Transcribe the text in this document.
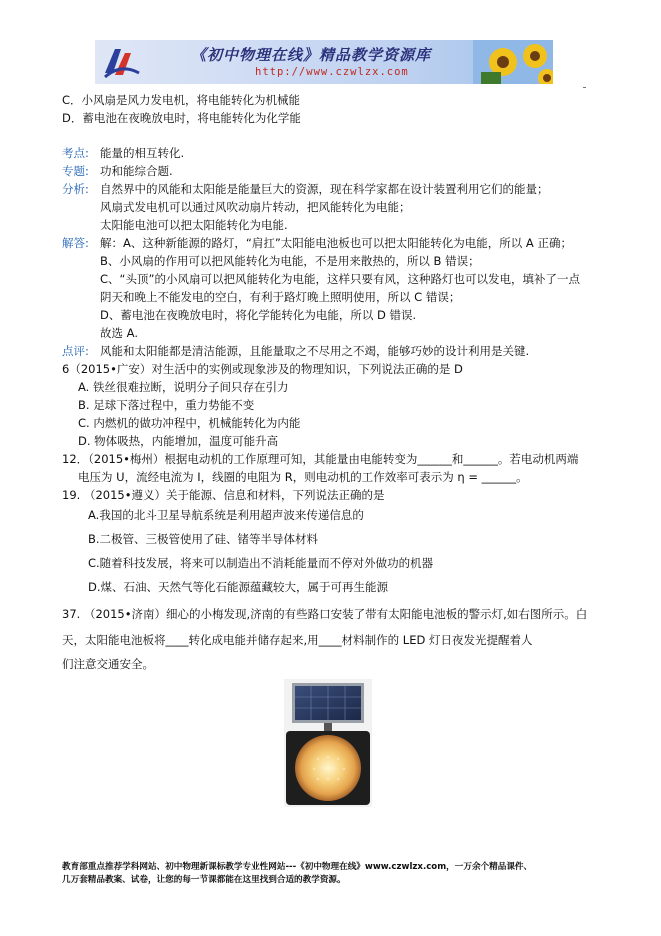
《初中物理在线》精品教学资源库
http://www.czwlzx.com
C．小风扇是风力发电机，将电能转化为机械能
D．蓄电池在夜晚放电时，将电能转化为化学能
考点: 能量的相互转化.
专题: 功和能综合题.
分析: 自然界中的风能和太阳能是能量巨大的资源，现在科学家都在设计装置利用它们的能量；
风扇式发电机可以通过风吹动扇片转动，把风能转化为电能；
太阳能电池可以把太阳能转化为电能.
解答: 解：A、这种新能源的路灯，“肩扛”太阳能电池板也可以把太阳能转化为电能，所以 A 正确；
B、小风扇的作用可以把风能转化为电能，不是用来散热的，所以 B 错误；
C、“头顶”的小风扇可以把风能转化为电能，这样只要有风，这种路灯也可以发电，填补了一点
阴天和晚上不能发电的空白，有利于路灯晚上照明使用，所以 C 错误；
D、蓄电池在夜晚放电时，将化学能转化为电能，所以 D 错误.
故选 A.
点评: 风能和太阳能都是清洁能源，且能量取之不尽用之不竭，能够巧妙的设计利用是关键.
6（2015•广安）对生活中的实例或现象涉及的物理知识，下列说法正确的是 D
A. 铁丝很难拉断，说明分子间只存在引力
B. 足球下落过程中，重力势能不变
C. 内燃机的做功冲程中，机械能转化为内能
D. 物体吸热，内能增加，温度可能升高
12．（2015•梅州）根据电动机的工作原理可知，其能量由电能转变为______和______。若电动机两端
电压为 U，流经电流为 I，线圈的电阻为 R，则电动机的工作效率可表示为 η = ______。
19. （2015•遵义）关于能源、信息和材料，下列说法正确的是
A.我国的北斗卫星导航系统是利用超声波来传递信息的
B.二极管、三极管使用了硅、锗等半导体材料
C.随着科技发展，将来可以制造出不消耗能量而不停对外做功的机器
D.煤、石油、天然气等化石能源蕴藏较大，属于可再生能源
37. （2015•济南）细心的小梅发现,济南的有些路口安装了带有太阳能电池板的警示灯,如右图所示。白
天，太阳能电池板将____转化成电能并储存起来,用____材料制作的 LED 灯日夜发光提醒着人
们注意交通安全。
教育部重点推荐学科网站、初中物理新课标教学专业性网站---《初中物理在线》www.czwlzx.com，一万余个精品课件、
几万套精品教案、试卷，让您的每一节课都能在这里找到合适的教学资源。
